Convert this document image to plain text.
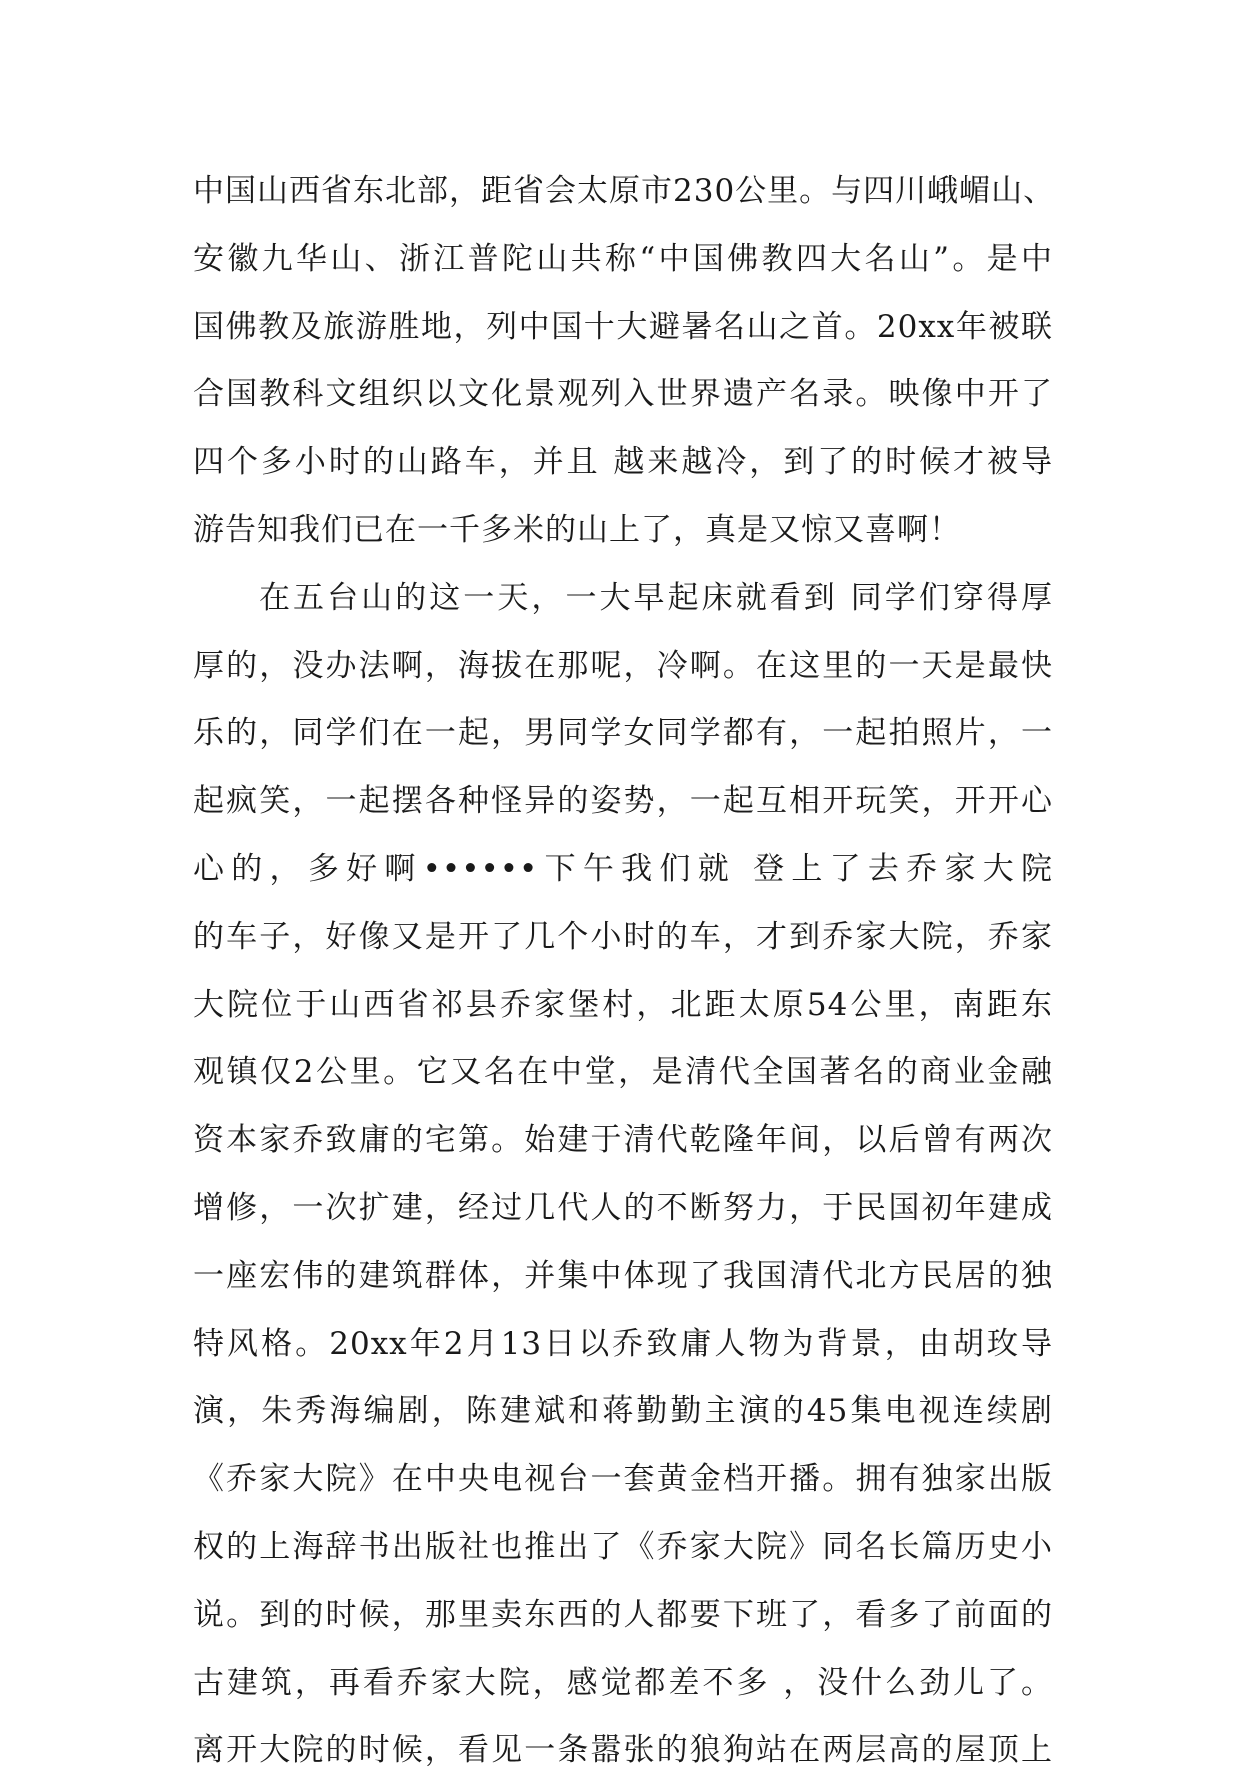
中国山西省东北部，距省会太原市230公里。与四川峨嵋山、
安徽九华山、浙江普陀山共称“中国佛教四大名山”。是中
国佛教及旅游胜地，列中国十大避暑名山之首。20xx年被联
合国教科文组织以文化景观列入世界遗产名录。映像中开了
四个多小时的山路车，并且 越来越冷，到了的时候才被导
游告知我们已在一千多米的山上了，真是又惊又喜啊！
在五台山的这一天，一大早起床就看到 同学们穿得厚
厚的，没办法啊，海拔在那呢，冷啊。在这里的一天是最快
乐的，同学们在一起，男同学女同学都有，一起拍照片，一
起疯笑，一起摆各种怪异的姿势，一起互相开玩笑，开开心
心的，多好啊••••••下午我们就 登上了去乔家大院
的车子，好像又是开了几个小时的车，才到乔家大院，乔家
大院位于山西省祁县乔家堡村，北距太原54公里，南距东
观镇仅2公里。它又名在中堂，是清代全国著名的商业金融
资本家乔致庸的宅第。始建于清代乾隆年间，以后曾有两次
增修，一次扩建，经过几代人的不断努力，于民国初年建成
一座宏伟的建筑群体，并集中体现了我国清代北方民居的独
特风格。20xx年2月13日以乔致庸人物为背景，由胡玫导
演，朱秀海编剧，陈建斌和蒋勤勤主演的45集电视连续剧
《乔家大院》在中央电视台一套黄金档开播。拥有独家出版
权的上海辞书出版社也推出了《乔家大院》同名长篇历史小
说。到的时候，那里卖东西的人都要下班了，看多了前面的
古建筑，再看乔家大院，感觉都差不多 ，没什么劲儿了。
离开大院的时候，看见一条嚣张的狼狗站在两层高的屋顶上
